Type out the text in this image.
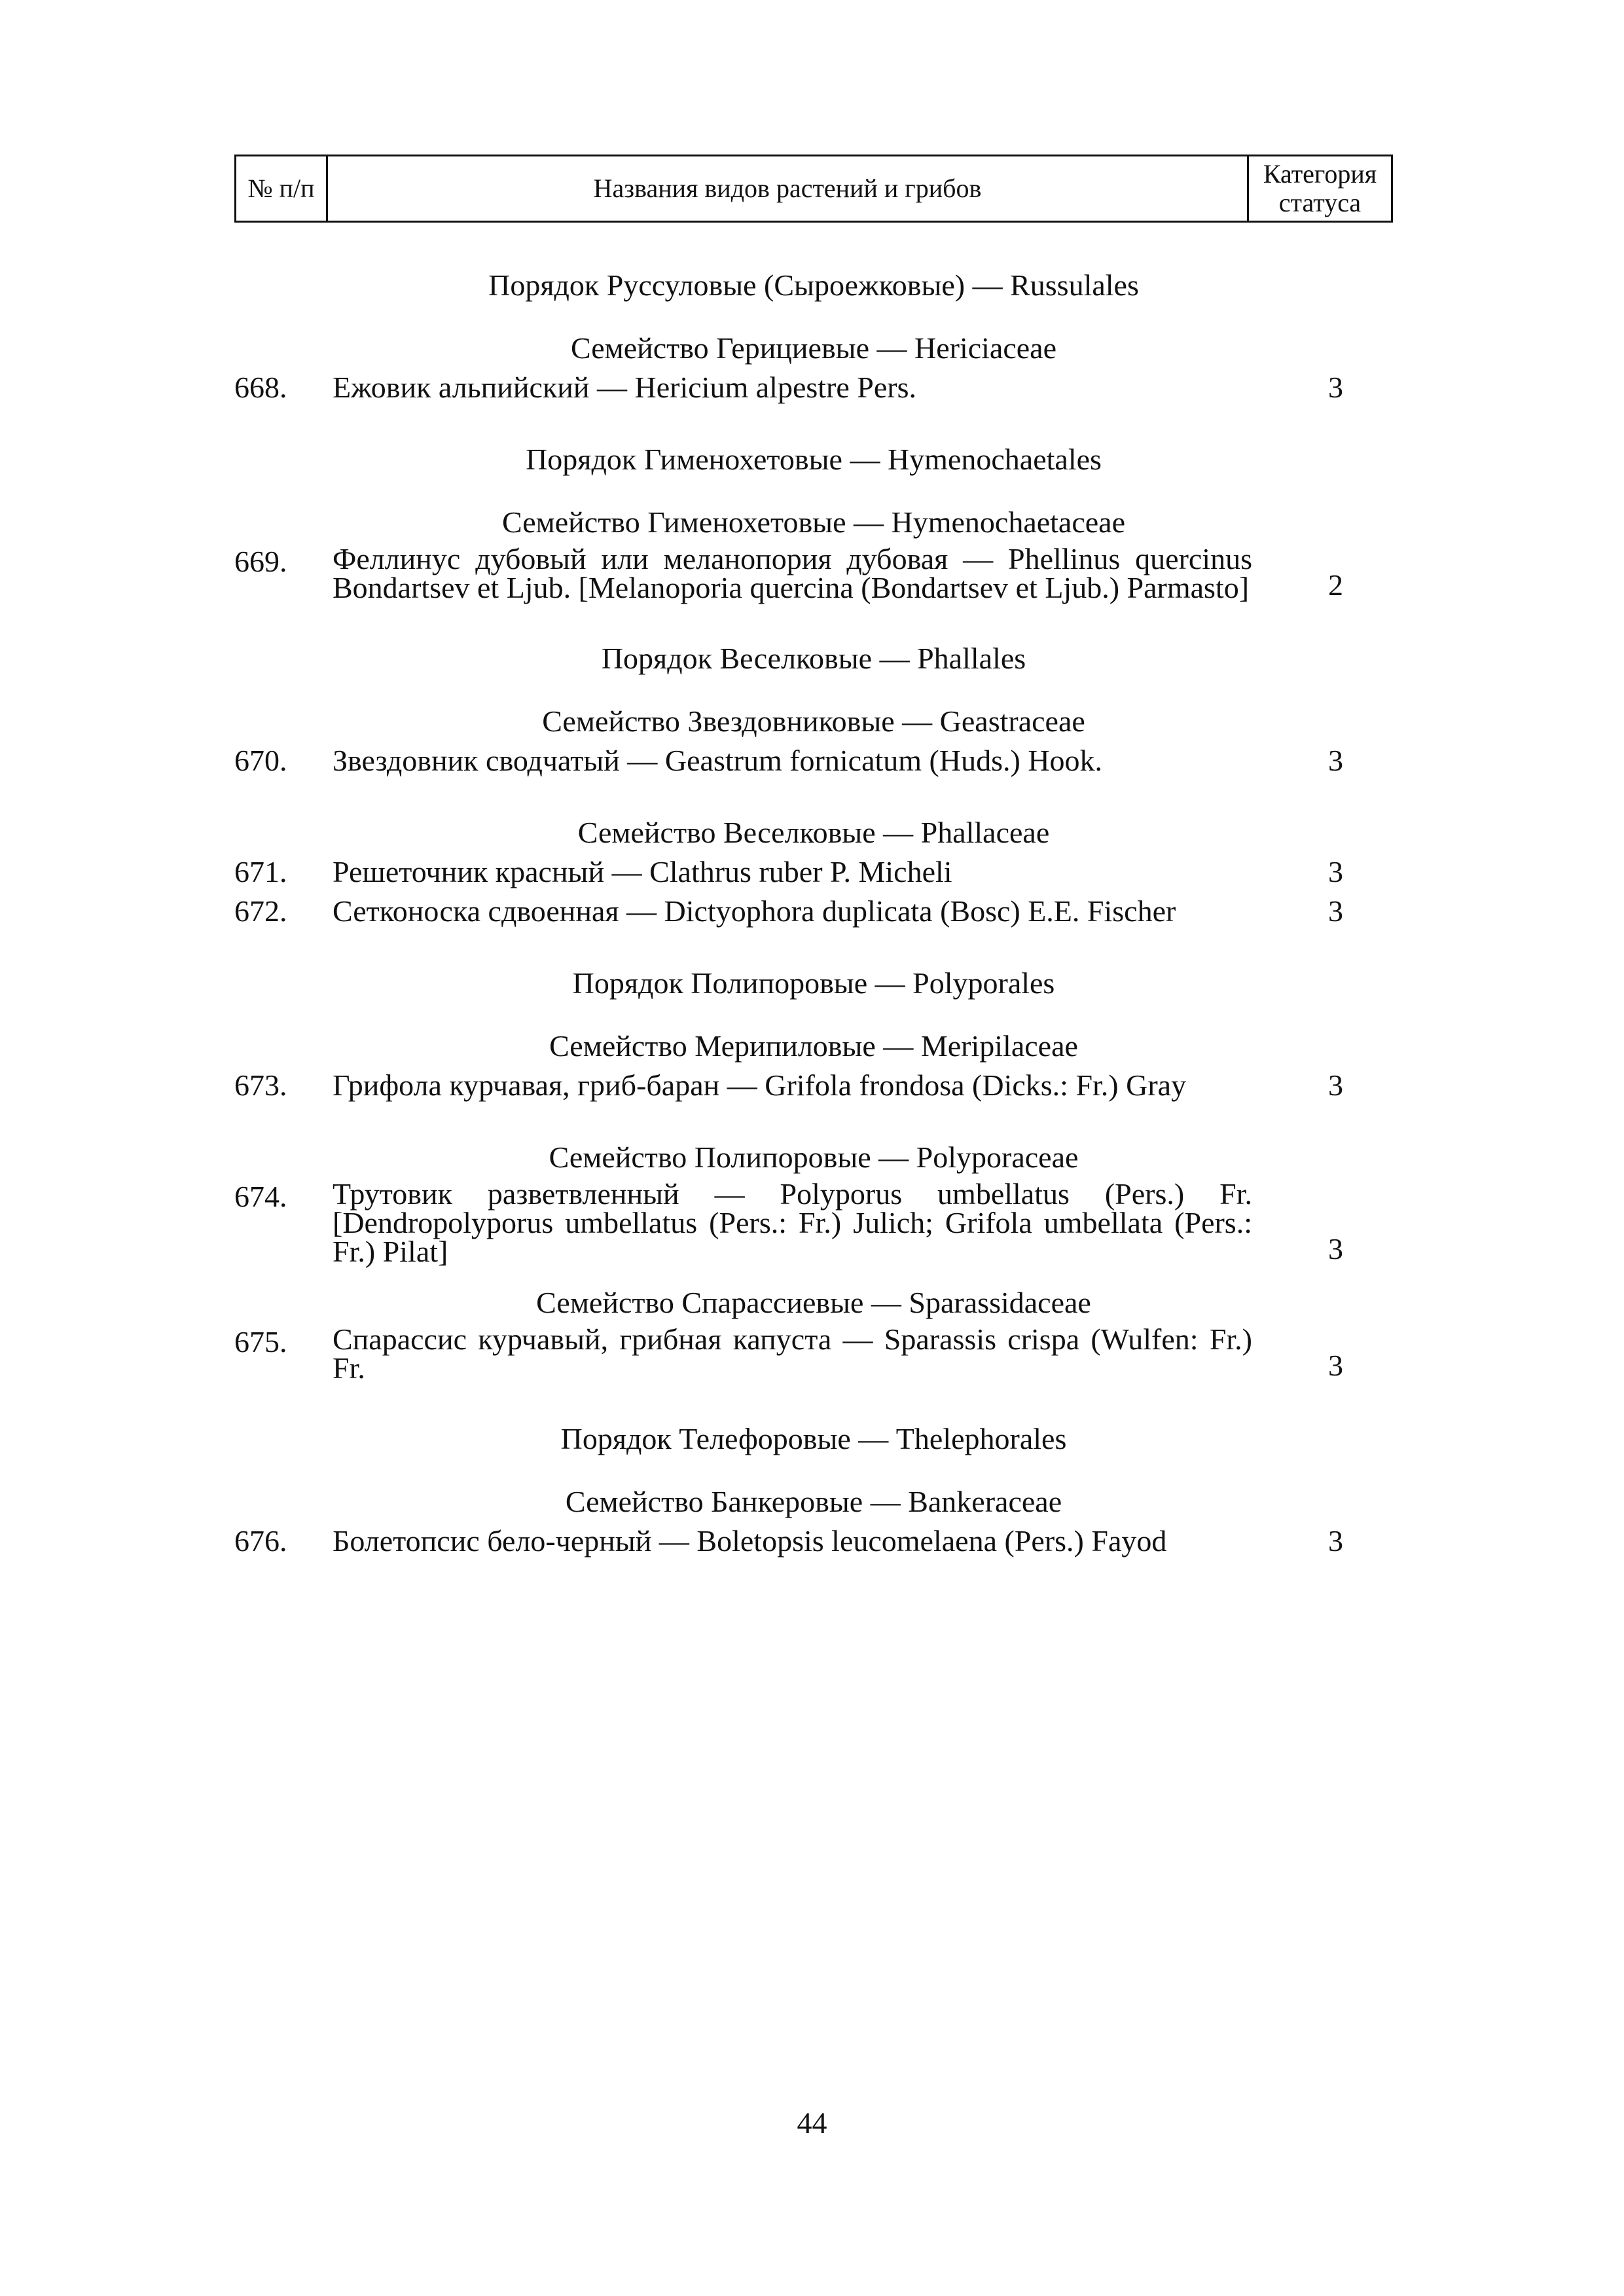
№ п/п	Названия видов растений и грибов	Категория статуса
Порядок Руссуловые (Сыроежковые) — Russulales
Семейство Герициевые — Hericiaceae
668.	Ежовик альпийский — Hericium alpestre Pers.	3
Порядок Гименохетовые — Hymenochaetales
Семейство Гименохетовые — Hymenochaetaceae
669.	Феллинус дубовый или меланопория дубовая — Phellinus quercinus Bondartsev et Ljub. [Melanoporia quercina (Bondartsev et Ljub.) Parmasto]	2
Порядок Веселковые — Phallales
Семейство Звездовниковые — Geastraceae
670.	Звездовник сводчатый — Geastrum fornicatum (Huds.) Hook.	3
Семейство Веселковые — Phallaceae
671.	Решеточник красный — Clathrus ruber P. Micheli	3
672.	Сетконоска сдвоенная — Dictyophora duplicata (Bosc) E.E. Fischer	3
Порядок Полипоровые — Polyporales
Семейство Мерипиловые — Meripilaceae
673.	Грифола курчавая, гриб-баран — Grifola frondosa (Dicks.: Fr.) Gray	3
Семейство Полипоровые — Polyporaceae
674.	Трутовик разветвленный — Polyporus umbellatus (Pers.) Fr. [Dendropolyporus umbellatus (Pers.: Fr.) Julich; Grifola umbellata (Pers.: Fr.) Pilat]	3
Семейство Спарассиевые — Sparassidaceae
675.	Спарассис курчавый, грибная капуста — Sparassis crispa (Wulfen: Fr.) Fr.	3
Порядок Телефоровые — Thelephorales
Семейство Банкеровые — Bankeraceae
676.	Болетопсис бело-черный — Boletopsis leucomelaena (Pers.) Fayod	3
44
